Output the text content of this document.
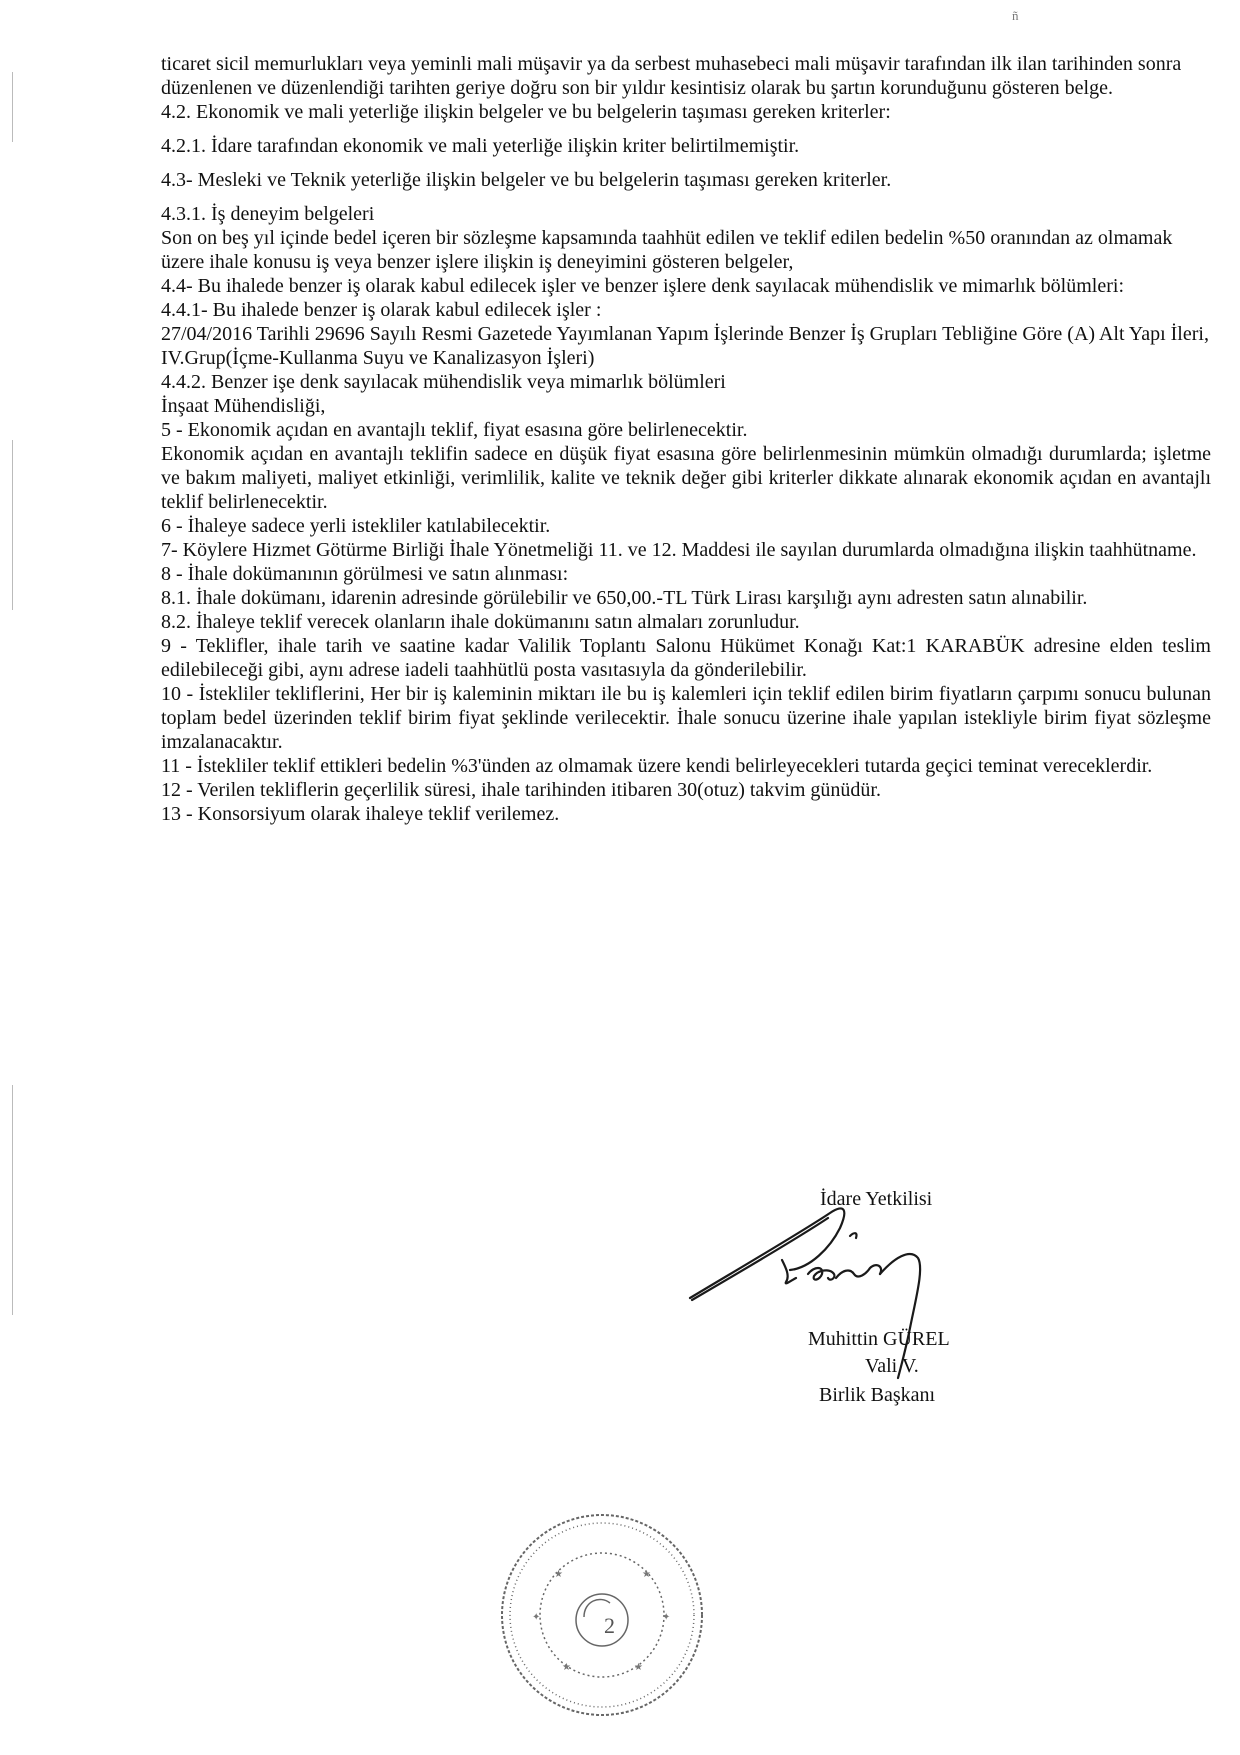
ñ

ticaret sicil memurlukları veya yeminli mali müşavir ya da serbest muhasebeci mali müşavir tarafından ilk ilan tarihinden sonra düzenlenen ve düzenlendiği tarihten geriye doğru son bir yıldır kesintisiz olarak bu şartın korunduğunu gösteren belge.

4.2. Ekonomik ve mali yeterliğe ilişkin belgeler ve bu belgelerin taşıması gereken kriterler:

4.2.1. İdare tarafından ekonomik ve mali yeterliğe ilişkin kriter belirtilmemiştir.

4.3- Mesleki ve Teknik yeterliğe ilişkin belgeler ve bu belgelerin taşıması gereken kriterler.

4.3.1. İş deneyim belgeleri

Son on beş yıl içinde bedel içeren bir sözleşme kapsamında taahhüt edilen ve teklif edilen bedelin %50 oranından az olmamak üzere ihale konusu iş veya benzer işlere ilişkin iş deneyimini gösteren belgeler,

4.4- Bu ihalede benzer iş olarak kabul edilecek işler ve benzer işlere denk sayılacak mühendislik ve mimarlık bölümleri:

4.4.1- Bu ihalede benzer iş olarak kabul edilecek işler :

27/04/2016 Tarihli 29696 Sayılı Resmi Gazetede Yayımlanan Yapım İşlerinde Benzer İş Grupları Tebliğine Göre (A) Alt Yapı İleri, IV.Grup(İçme-Kullanma Suyu ve Kanalizasyon İşleri)

4.4.2. Benzer işe denk sayılacak mühendislik veya mimarlık bölümleri

İnşaat Mühendisliği,

5 - Ekonomik açıdan en avantajlı teklif, fiyat esasına göre belirlenecektir.

Ekonomik açıdan en avantajlı teklifin sadece en düşük fiyat esasına göre belirlenmesinin mümkün olmadığı durumlarda; işletme ve bakım maliyeti, maliyet etkinliği, verimlilik, kalite ve teknik değer gibi kriterler dikkate alınarak ekonomik açıdan en avantajlı teklif belirlenecektir.

6 - İhaleye sadece yerli istekliler katılabilecektir.

7- Köylere Hizmet Götürme Birliği İhale Yönetmeliği 11. ve 12. Maddesi ile sayılan durumlarda olmadığına ilişkin taahhütname.

8 - İhale dokümanının görülmesi ve satın alınması:

8.1. İhale dokümanı, idarenin adresinde görülebilir ve 650,00.-TL Türk Lirası karşılığı aynı adresten satın alınabilir.

8.2. İhaleye teklif verecek olanların ihale dokümanını satın almaları zorunludur.

9 - Teklifler, ihale tarih ve saatine kadar Valilik Toplantı Salonu Hükümet Konağı Kat:1 KARABÜK adresine elden teslim edilebileceği gibi, aynı adrese iadeli taahhütlü posta vasıtasıyla da gönderilebilir.

10 - İstekliler tekliflerini, Her bir iş kaleminin miktarı ile bu iş kalemleri için teklif edilen birim fiyatların çarpımı sonucu bulunan toplam bedel üzerinden teklif birim fiyat şeklinde verilecektir. İhale sonucu üzerine ihale yapılan istekliyle birim fiyat sözleşme imzalanacaktır.

11 - İstekliler teklif ettikleri bedelin %3'ünden az olmamak üzere kendi belirleyecekleri tutarda geçici teminat vereceklerdir.

12 - Verilen tekliflerin geçerlilik süresi, ihale tarihinden itibaren 30(otuz) takvim günüdür.

13 - Konsorsiyum olarak ihaleye teklif verilemez.

İdare Yetkilisi
Muhittin GÜREL
Vali V.
Birlik Başkanı
★	★
✦	✦
★	★
2
